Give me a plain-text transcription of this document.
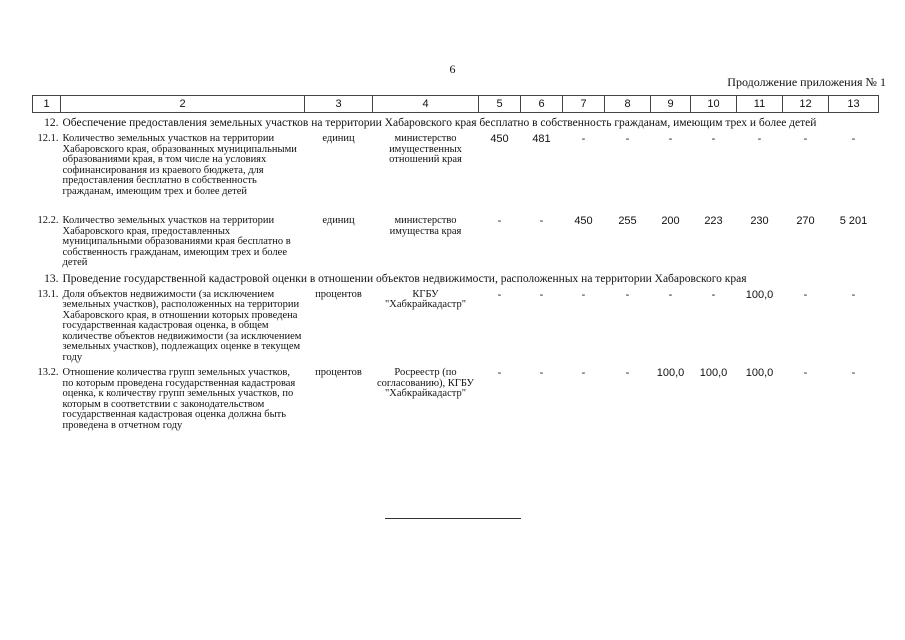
6
Продолжение приложения № 1
1	2	3	4	5	6	7	8	9	10	11	12	13
12.	Обеспечение предоставления земельных участков на территории Хабаровского края бесплатно в собственность гражданам, имеющим трех и более детей											
12.1.	Количество земельных участков на территории Хабаровского края, образованных муниципальными образованиями края, в том числе на условиях софинансирования из краевого бюджета, для предоставления бесплатно в собственность гражданам, имеющим трех и более детей	единиц	министерство имущественных отношений края	450	481	-	-	-	-	-	-	-

12.2.	Количество земельных участков на территории Хабаровского края, предоставленных муниципальными образованиями края бесплатно в собственность гражданам, имеющим трех и более детей	единиц	министерство имущества края	-	-	450	255	200	223	230	270	5 201
13.	Проведение государственной кадастровой оценки в отношении объектов недвижимости, расположенных на территории Хабаровского края											
13.1.	Доля объектов недвижимости (за исключением земельных участков), расположенных на территории Хабаровского края, в отношении которых проведена государственная кадастровая оценка, в общем количестве объектов недвижимости (за исключением земельных участков), подлежащих оценке в текущем году	процентов	КГБУ "Хабкрайкадастр"	-	-	-	-	-	-	100,0	-	-
13.2.	Отношение количества групп земельных участков, по которым проведена государственная кадастровая оценка, к количеству групп земельных участков, по которым в соответствии с законодательством государственная кадастровая оценка должна быть проведена в отчетном году	процентов	Росреестр (по согласованию), КГБУ "Хабкрайкадастр"	-	-	-	-	100,0	100,0	100,0	-	-
